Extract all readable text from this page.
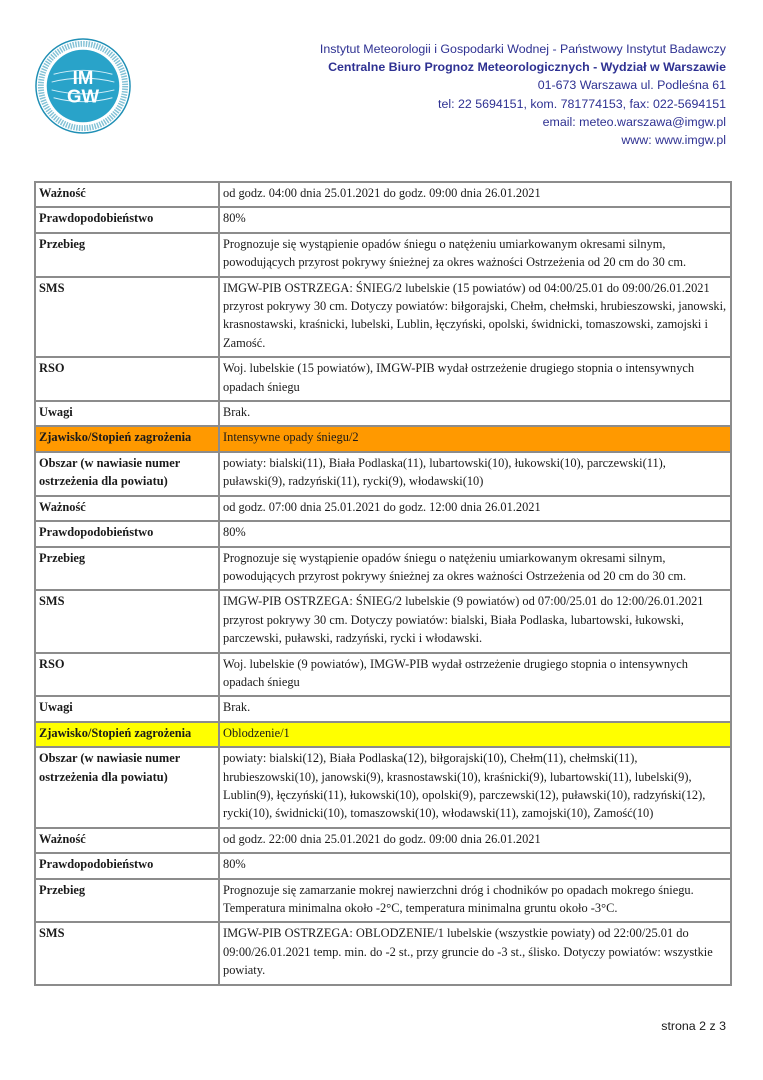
IM
GW
Instytut Meteorologii i Gospodarki Wodnej - Państwowy Instytut Badawczy
Centralne Biuro Prognoz Meteorologicznych - Wydział w Warszawie
01-673 Warszawa ul. Podleśna 61
tel: 22 5694151, kom. 781774153, fax: 022-5694151
email: meteo.warszawa@imgw.pl
www: www.imgw.pl
Ważność	od godz. 04:00 dnia 25.01.2021 do godz. 09:00 dnia 26.01.2021
Prawdopodobieństwo	80%
Przebieg	Prognozuje się wystąpienie opadów śniegu o natężeniu umiarkowanym okresami silnym, powodujących przyrost pokrywy śnieżnej za okres ważności Ostrzeżenia od 20 cm do 30 cm.
SMS	IMGW-PIB OSTRZEGA: ŚNIEG/2 lubelskie (15 powiatów) od 04:00/25.01 do 09:00/26.01.2021 przyrost pokrywy 30 cm. Dotyczy powiatów: biłgorajski, Chełm, chełmski, hrubieszowski, janowski, krasnostawski, kraśnicki, lubelski, Lublin, łęczyński, opolski, świdnicki, tomaszowski, zamojski i Zamość.
RSO	Woj. lubelskie (15 powiatów), IMGW-PIB wydał ostrzeżenie drugiego stopnia o intensywnych opadach śniegu
Uwagi	Brak.
Zjawisko/Stopień zagrożenia	Intensywne opady śniegu/2
Obszar (w nawiasie numer ostrzeżenia dla powiatu)	powiaty: bialski(11), Biała Podlaska(11), lubartowski(10), łukowski(10), parczewski(11), puławski(9), radzyński(11), rycki(9), włodawski(10)
Ważność	od godz. 07:00 dnia 25.01.2021 do godz. 12:00 dnia 26.01.2021
Prawdopodobieństwo	80%
Przebieg	Prognozuje się wystąpienie opadów śniegu o natężeniu umiarkowanym okresami silnym, powodujących przyrost pokrywy śnieżnej za okres ważności Ostrzeżenia od 20 cm do 30 cm.
SMS	IMGW-PIB OSTRZEGA: ŚNIEG/2 lubelskie (9 powiatów) od 07:00/25.01 do 12:00/26.01.2021 przyrost pokrywy 30 cm. Dotyczy powiatów: bialski, Biała Podlaska, lubartowski, łukowski, parczewski, puławski, radzyński, rycki i włodawski.
RSO	Woj. lubelskie (9 powiatów), IMGW-PIB wydał ostrzeżenie drugiego stopnia o intensywnych opadach śniegu
Uwagi	Brak.
Zjawisko/Stopień zagrożenia	Oblodzenie/1
Obszar (w nawiasie numer ostrzeżenia dla powiatu)	powiaty: bialski(12), Biała Podlaska(12), biłgorajski(10), Chełm(11), chełmski(11), hrubieszowski(10), janowski(9), krasnostawski(10), kraśnicki(9), lubartowski(11), lubelski(9), Lublin(9), łęczyński(11), łukowski(10), opolski(9), parczewski(12), puławski(10), radzyński(12), rycki(10), świdnicki(10), tomaszowski(10), włodawski(11), zamojski(10), Zamość(10)
Ważność	od godz. 22:00 dnia 25.01.2021 do godz. 09:00 dnia 26.01.2021
Prawdopodobieństwo	80%
Przebieg	Prognozuje się zamarzanie mokrej nawierzchni dróg i chodników po opadach mokrego śniegu. Temperatura minimalna około -2°C, temperatura minimalna gruntu około -3°C.
SMS	IMGW-PIB OSTRZEGA: OBLODZENIE/1 lubelskie (wszystkie powiaty) od 22:00/25.01 do 09:00/26.01.2021 temp. min. do -2 st., przy gruncie do -3 st., ślisko. Dotyczy powiatów: wszystkie powiaty.
strona 2 z 3
